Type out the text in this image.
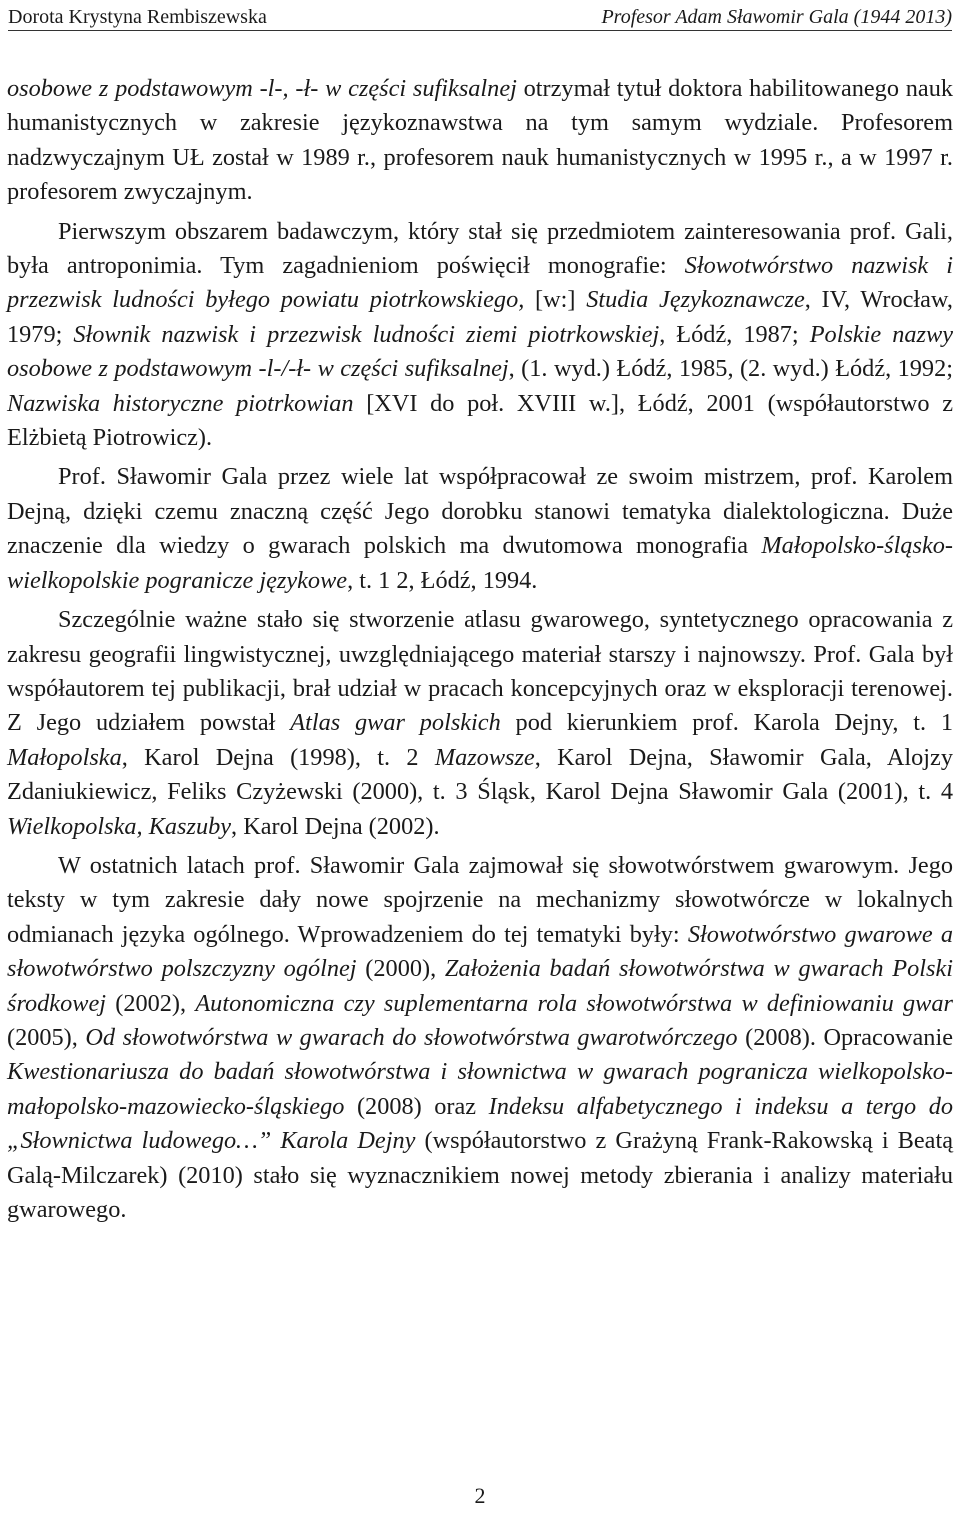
Dorota Krystyna Rembiszewska	Profesor Adam Sławomir Gala (1944 2013)

osobowe z podstawowym -l-, -ł- w części sufiksalnej otrzymał tytuł doktora habilitowanego nauk humanistycznych w zakresie językoznawstwa na tym samym wydziale. Profesorem nadzwyczajnym UŁ został w 1989 r., profesorem nauk humanistycznych w 1995 r., a w 1997 r. profesorem zwyczajnym.

Pierwszym obszarem badawczym, który stał się przedmiotem zainteresowania prof. Gali, była antroponimia. Tym zagadnieniom poświęcił monografie: Słowotwórstwo nazwisk i przezwisk ludności byłego powiatu piotrkowskiego, [w:] Studia Językoznawcze, IV, Wrocław, 1979; Słownik nazwisk i przezwisk ludności ziemi piotrkowskiej, Łódź, 1987; Polskie nazwy osobowe z podstawowym -l-/-ł- w części sufiksalnej, (1. wyd.) Łódź, 1985, (2. wyd.) Łódź, 1992; Nazwiska historyczne piotrkowian [XVI do poł. XVIII w.], Łódź, 2001 (współautorstwo z Elżbietą Piotrowicz).

Prof. Sławomir Gala przez wiele lat współpracował ze swoim mistrzem, prof. Karolem Dejną, dzięki czemu znaczną część Jego dorobku stanowi tematyka dialektologiczna. Duże znaczenie dla wiedzy o gwarach polskich ma dwutomowa monografia Małopolsko-śląsko-wielkopolskie pogranicze językowe, t. 1 2, Łódź, 1994.

Szczególnie ważne stało się stworzenie atlasu gwarowego, syntetycznego opracowania z zakresu geografii lingwistycznej, uwzględniającego materiał starszy i najnowszy. Prof. Gala był współautorem tej publikacji, brał udział w pracach koncepcyjnych oraz w eksploracji terenowej. Z Jego udziałem powstał Atlas gwar polskich pod kierunkiem prof. Karola Dejny, t. 1 Małopolska, Karol Dejna (1998), t. 2 Mazowsze, Karol Dejna, Sławomir Gala, Alojzy Zdaniukiewicz, Feliks Czyżewski (2000), t. 3 Śląsk, Karol Dejna Sławomir Gala (2001), t. 4 Wielkopolska, Kaszuby, Karol Dejna (2002).

W ostatnich latach prof. Sławomir Gala zajmował się słowotwórstwem gwarowym. Jego teksty w tym zakresie dały nowe spojrzenie na mechanizmy słowotwórcze w lokalnych odmianach języka ogólnego. Wprowadzeniem do tej tematyki były: Słowotwórstwo gwarowe a słowotwórstwo polszczyzny ogólnej (2000), Założenia badań słowotwórstwa w gwarach Polski środkowej (2002), Autonomiczna czy suplementarna rola słowotwórstwa w definiowaniu gwar (2005), Od słowotwórstwa w gwarach do słowotwórstwa gwarotwórczego (2008). Opracowanie Kwestionariusza do badań słowotwórstwa i słownictwa w gwarach pogranicza wielkopolsko-małopolsko-mazowiecko-śląskiego (2008) oraz Indeksu alfabetycznego i indeksu a tergo do „Słownictwa ludowego…” Karola Dejny (współautorstwo z Grażyną Frank-Rakowską i Beatą Galą-Milczarek) (2010) stało się wyznacznikiem nowej metody zbierania i analizy materiału gwarowego.

2
